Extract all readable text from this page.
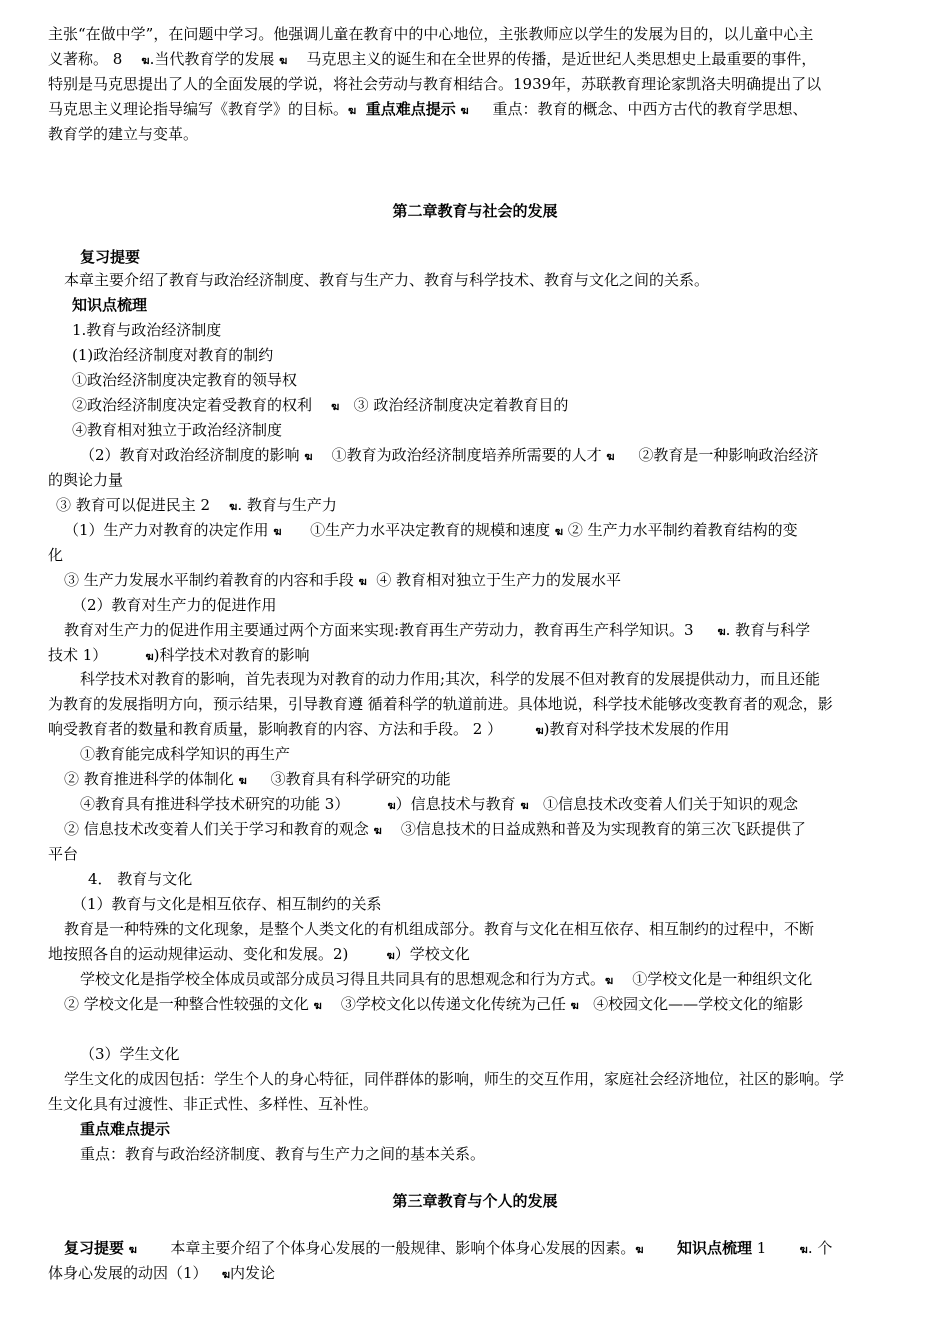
主张“在做中学”，在问题中学习。他强调儿童在教育中的中心地位，主张教师应以学生的发展为目的，以儿童中心主
义著称。 8 ฆ.当代教育学的发展 ฆ 马克思主义的诞生和在全世界的传播，是近世纪人类思想史上最重要的事件，
特别是马克思提出了人的全面发展的学说，将社会劳动与教育相结合。1939年，苏联教育理论家凯洛夫明确提出了以
马克思主义理论指导编写《教育学》的目标。ฆ 重点难点提示 ฆ 重点：教育的概念、中西方古代的教育学思想、
教育学的建立与变革。
第二章教育与社会的发展
复习提要
本章主要介绍了教育与政治经济制度、教育与生产力、教育与科学技术、教育与文化之间的关系。
知识点梳理
1.教育与政治经济制度
(1)政治经济制度对教育的制约
①政治经济制度决定教育的领导权
②政治经济制度决定着受教育的权利 ฆ ③ 政治经济制度决定着教育目的
④教育相对独立于政治经济制度
（2）教育对政治经济制度的影响 ฆ ①教育为政治经济制度培养所需要的人才 ฆ ②教育是一种影响政治经济
的舆论力量
③ 教育可以促进民主 2 ฆ. 教育与生产力
（1）生产力对教育的决定作用 ฆ ①生产力水平决定教育的规模和速度 ฆ ② 生产力水平制约着教育结构的变
化
③ 生产力发展水平制约着教育的内容和手段 ฆ ④ 教育相对独立于生产力的发展水平
（2）教育对生产力的促进作用
教育对生产力的促进作用主要通过两个方面来实现:教育再生产劳动力，教育再生产科学知识。3 ฆ. 教育与科学
技术 1）	ฆ)科学技术对教育的影响
科学技术对教育的影响，首先表现为对教育的动力作用;其次，科学的发展不但对教育的发展提供动力，而且还能
为教育的发展指明方向，预示结果，引导教育遵 循着科学的轨道前进。具体地说，科学技术能够改变教育者的观念，影
响受教育者的数量和教育质量，影响教育的内容、方法和手段。 2 ）	ฆ)教育对科学技术发展的作用
①教育能完成科学知识的再生产
② 教育推进科学的体制化 ฆ ③教育具有科学研究的功能
④教育具有推进科学技术研究的功能 3）	ฆ）信息技术与教育 ฆ ①信息技术改变着人们关于知识的观念
② 信息技术改变着人们关于学习和教育的观念 ฆ ③信息技术的日益成熟和普及为实现教育的第三次飞跃提供了
平台
4． 教育与文化
（1）教育与文化是相互依存、相互制约的关系
教育是一种特殊的文化现象，是整个人类文化的有机组成部分。教育与文化在相互依存、相互制约的过程中，不断
地按照各自的运动规律运动、变化和发展。2)	ฆ）学校文化
学校文化是指学校全体成员或部分成员习得且共同具有的思想观念和行为方式。ฆ ①学校文化是一种组织文化
② 学校文化是一种整合性较强的文化 ฆ ③学校文化以传递文化传统为己任 ฆ ④校园文化——学校文化的缩影
（3）学生文化
学生文化的成因包括：学生个人的身心特征，同伴群体的影响，师生的交互作用，家庭社会经济地位，社区的影响。学
生文化具有过渡性、非正式性、多样性、互补性。
重点难点提示
重点：教育与政治经济制度、教育与生产力之间的基本关系。
第三章教育与个人的发展
复习提要 ฆ 本章主要介绍了个体身心发展的一般规律、影响个体身心发展的因素。ฆ 知识点梳理 1	ฆ. 个
体身心发展的动因（1） ฆ内发论
